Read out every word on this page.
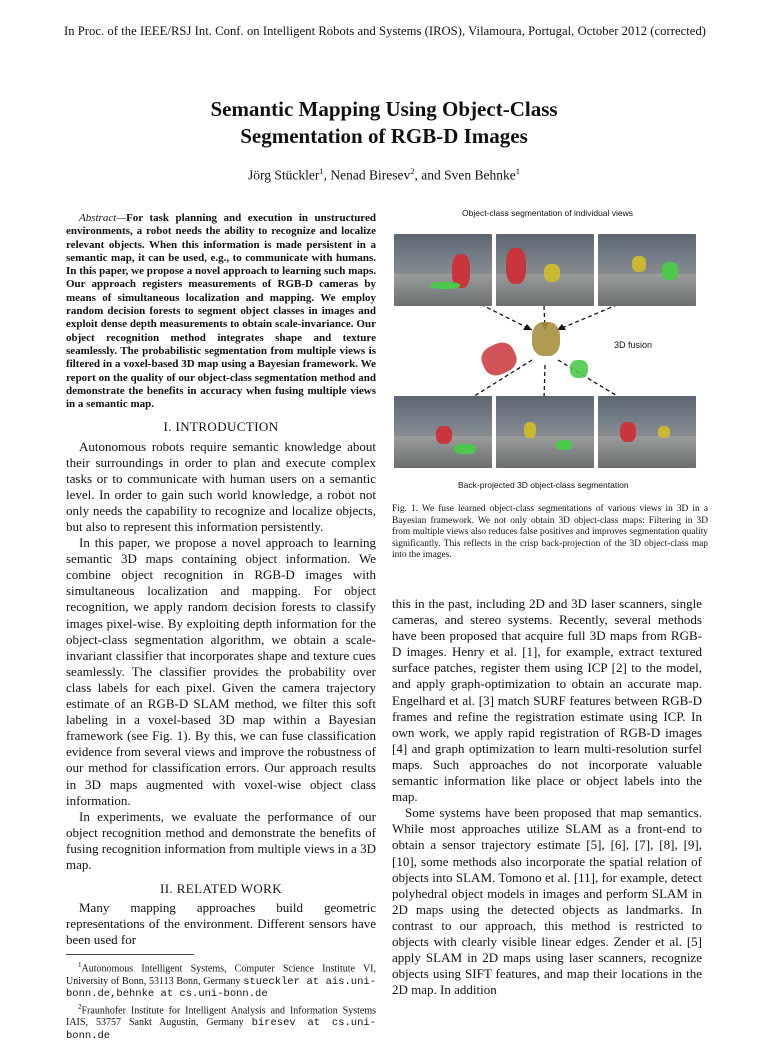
In Proc. of the IEEE/RSJ Int. Conf. on Intelligent Robots and Systems (IROS), Vilamoura, Portugal, October 2012 (corrected)
Semantic Mapping Using Object-Class
Segmentation of RGB-D Images
Jörg Stückler$^1$, Nenad Biresev$^2$, and Sven Behnke$^1$

Abstract—For task planning and execution in unstructured environments, a robot needs the ability to recognize and localize relevant objects. When this information is made persistent in a semantic map, it can be used, e.g., to communicate with humans. In this paper, we propose a novel approach to learning such maps. Our approach registers measurements of RGB-D cameras by means of simultaneous localization and mapping. We employ random decision forests to segment object classes in images and exploit dense depth measurements to obtain scale-invariance. Our object recognition method integrates shape and texture seamlessly. The probabilistic segmentation from multiple views is filtered in a voxel-based 3D map using a Bayesian framework. We report on the quality of our object-class segmentation method and demonstrate the benefits in accuracy when fusing multiple views in a semantic map.

I. INTRODUCTION

Autonomous robots require semantic knowledge about their surroundings in order to plan and execute complex tasks or to communicate with human users on a semantic level. In order to gain such world knowledge, a robot not only needs the capability to recognize and localize objects, but also to represent this information persistently.

In this paper, we propose a novel approach to learning semantic 3D maps containing object information. We combine object recognition in RGB-D images with simultaneous localization and mapping. For object recognition, we apply random decision forests to classify images pixel-wise. By exploiting depth information for the object-class segmentation algorithm, we obtain a scale-invariant classifier that incorporates shape and texture cues seamlessly. The classifier provides the probability over class labels for each pixel. Given the camera trajectory estimate of an RGB-D SLAM method, we filter this soft labeling in a voxel-based 3D map within a Bayesian framework (see Fig. 1). By this, we can fuse classification evidence from several views and improve the robustness of our method for classification errors. Our approach results in 3D maps augmented with voxel-wise object class information.

In experiments, we evaluate the performance of our object recognition method and demonstrate the benefits of fusing recognition information from multiple views in a 3D map.

II. RELATED WORK

Many mapping approaches build geometric representations of the environment. Different sensors have been used for

$^1$Autonomous Intelligent Systems, Computer Science Institute VI, University of Bonn, 53113 Bonn, Germany stueckler at ais.uni-bonn.de,behnke at cs.uni-bonn.de

$^2$Fraunhofer Institute for Intelligent Analysis and Information Systems IAIS, 53757 Sankt Augustin, Germany biresev at cs.uni-bonn.de

Object-class segmentation of individual views
3D fusion
Back-projected 3D object-class segmentation

Fig. 1. We fuse learned object-class segmentations of various views in 3D in a Bayesian framework. We not only obtain 3D object-class maps: Filtering in 3D from multiple views also reduces false positives and improves segmentation quality significantly. This reflects in the crisp back-projection of the 3D object-class map into the images.

this in the past, including 2D and 3D laser scanners, single cameras, and stereo systems. Recently, several methods have been proposed that acquire full 3D maps from RGB-D images. Henry et al. [1], for example, extract textured surface patches, register them using ICP [2] to the model, and apply graph-optimization to obtain an accurate map. Engelhard et al. [3] match SURF features between RGB-D frames and refine the registration estimate using ICP. In own work, we apply rapid registration of RGB-D images [4] and graph optimization to learn multi-resolution surfel maps. Such approaches do not incorporate valuable semantic information like place or object labels into the map.

Some systems have been proposed that map semantics. While most approaches utilize SLAM as a front-end to obtain a sensor trajectory estimate [5], [6], [7], [8], [9], [10], some methods also incorporate the spatial relation of objects into SLAM. Tomono et al. [11], for example, detect polyhedral object models in images and perform SLAM in 2D maps using the detected objects as landmarks. In contrast to our approach, this method is restricted to objects with clearly visible linear edges. Zender et al. [5] apply SLAM in 2D maps using laser scanners, recognize objects using SIFT features, and map their locations in the 2D map. In addition
